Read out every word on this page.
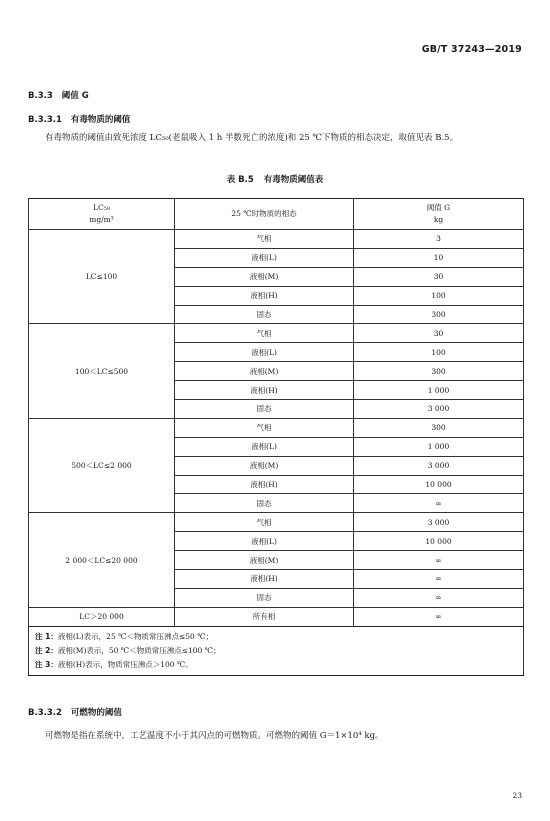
GB/T 37243—2019
B.3.3 阈值 G
B.3.3.1 有毒物质的阈值
有毒物质的阈值由致死浓度 LC₅₀(老鼠吸入 1 h 半数死亡的浓度)和 25 ℃下物质的相态决定，取值见表 B.5。
表 B.5 有毒物质阈值表
LC₅₀
mg/m³	25 ℃时物质的相态	阈值 G
kg

LC≤100	气相	3
	液相(L)	10
	液相(M)	30
	液相(H)	100
	固态	300
100＜LC≤500	气相	30
	液相(L)	100
	液相(M)	300
	液相(H)	1 000
	固态	3 000
500＜LC≤2 000	气相	300
	液相(L)	1 000
	液相(M)	3 000
	液相(H)	10 000
	固态	∞
2 000＜LC≤20 000	气相	3 000
	液相(L)	10 000
	液相(M)	∞
	液相(H)	∞
	固态	∞
LC＞20 000	所有相	∞

注 1：液相(L)表示，25 ℃＜物质常压沸点≤50 ℃；
注 2：液相(M)表示，50 ℃＜物质常压沸点≤100 ℃；
注 3：液相(H)表示，物质常压沸点＞100 ℃。		
B.3.3.2 可燃物的阈值
可燃物是指在系统中，工艺温度不小于其闪点的可燃物质。可燃物的阈值 G＝1×10⁴ kg。
23
